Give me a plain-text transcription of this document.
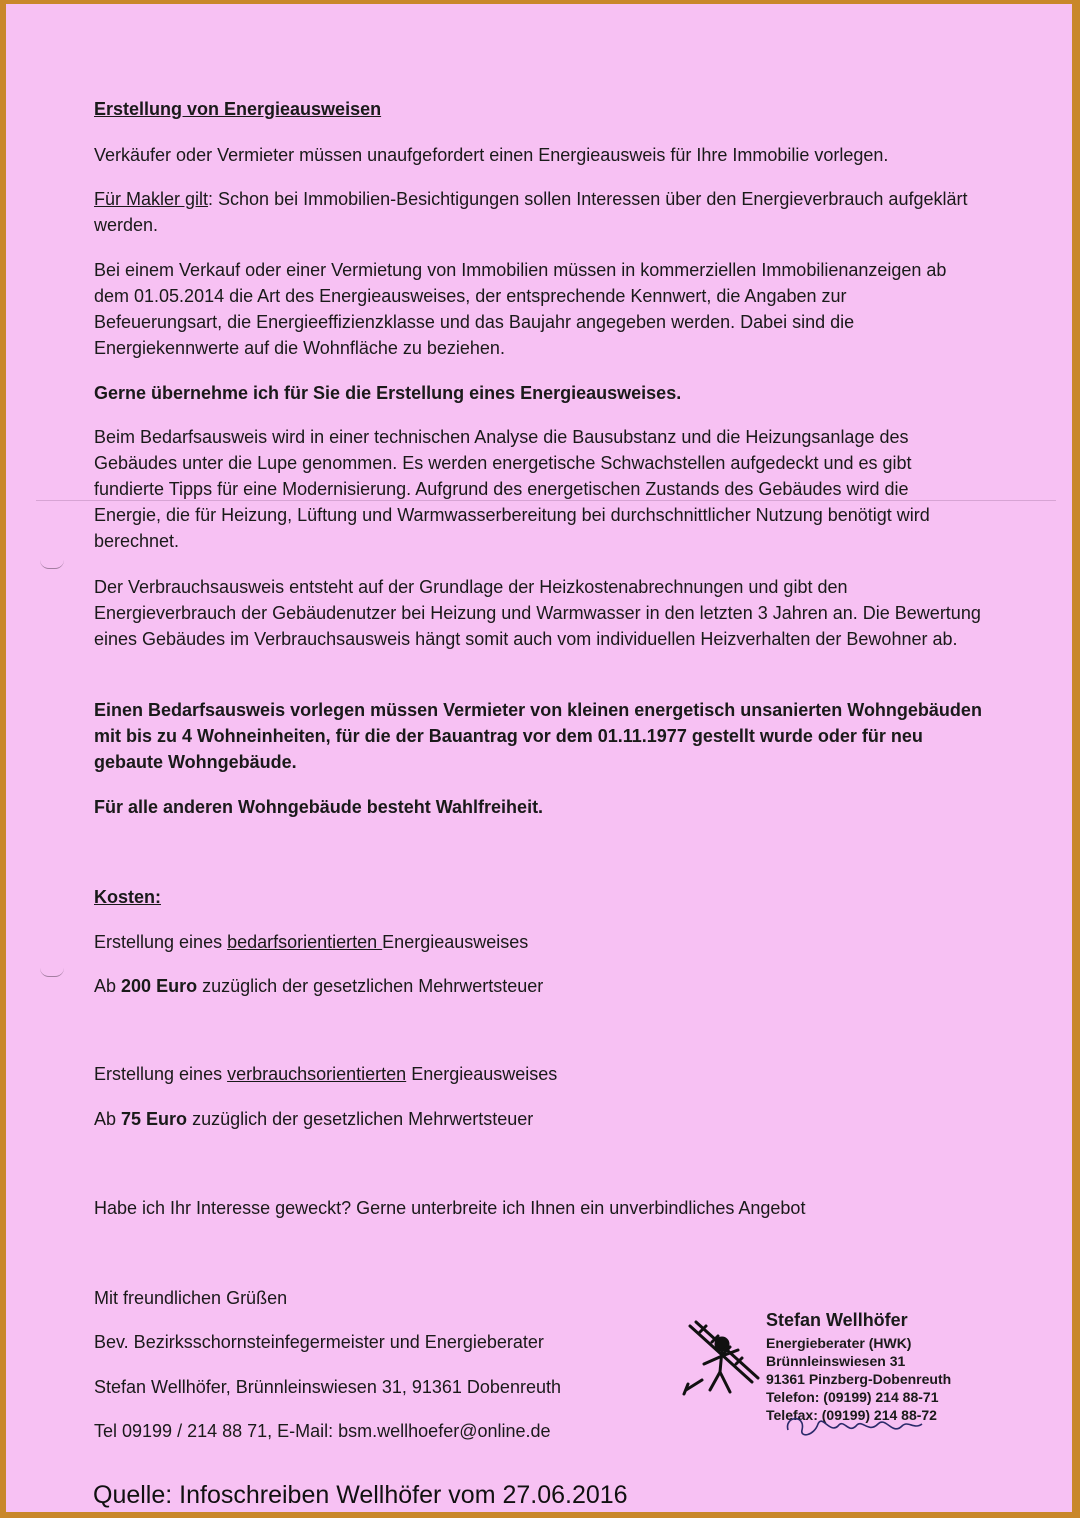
Erstellung von Energieausweisen

Verkäufer oder Vermieter müssen unaufgefordert einen Energieausweis für Ihre Immobilie vorlegen.

Für Makler gilt: Schon bei Immobilien-Besichtigungen sollen Interessen über den Energieverbrauch aufgeklärt werden.

Bei einem Verkauf oder einer Vermietung von Immobilien müssen in kommerziellen Immobilienanzeigen ab dem 01.05.2014 die Art des Energieausweises, der entsprechende Kennwert, die Angaben zur Befeuerungsart, die Energieeffizienzklasse und das Baujahr angegeben werden. Dabei sind die Energiekennwerte auf die Wohnfläche zu beziehen.

Gerne übernehme ich für Sie die Erstellung eines Energieausweises.

Beim Bedarfsausweis wird in einer technischen Analyse die Bausubstanz und die Heizungsanlage des Gebäudes unter die Lupe genommen. Es werden energetische Schwachstellen aufgedeckt und es gibt fundierte Tipps für eine Modernisierung. Aufgrund des energetischen Zustands des Gebäudes wird die Energie, die für Heizung, Lüftung und Warmwasserbereitung bei durchschnittlicher Nutzung benötigt wird berechnet.

Der Verbrauchsausweis entsteht auf der Grundlage der Heizkostenabrechnungen und gibt den Energieverbrauch der Gebäudenutzer bei Heizung und Warmwasser in den letzten 3 Jahren an. Die Bewertung eines Gebäudes im Verbrauchsausweis hängt somit auch vom individuellen Heizverhalten der Bewohner ab.

Einen Bedarfsausweis vorlegen müssen Vermieter von kleinen energetisch unsanierten Wohngebäuden mit bis zu 4 Wohneinheiten, für die der Bauantrag vor dem 01.11.1977 gestellt wurde oder für neu gebaute Wohngebäude.

Für alle anderen Wohngebäude besteht Wahlfreiheit.

Kosten:

Erstellung eines bedarfsorientierten Energieausweises

Ab 200 Euro zuzüglich der gesetzlichen Mehrwertsteuer

Erstellung eines verbrauchsorientierten Energieausweises

Ab 75 Euro zuzüglich der gesetzlichen Mehrwertsteuer

Habe ich Ihr Interesse geweckt? Gerne unterbreite ich Ihnen ein unverbindliches Angebot

Mit freundlichen Grüßen

Bev. Bezirksschornsteinfegermeister und Energieberater

Stefan Wellhöfer, Brünnleinswiesen 31, 91361 Dobenreuth

Tel 09199 / 214 88 71, E-Mail: bsm.wellhoefer@online.de

Stefan Wellhöfer
Energieberater (HWK)
Brünnleinswiesen 31
91361 Pinzberg-Dobenreuth
Telefon: (09199) 214 88-71
Telefax: (09199) 214 88-72
Quelle: Infoschreiben Wellhöfer vom 27.06.2016
